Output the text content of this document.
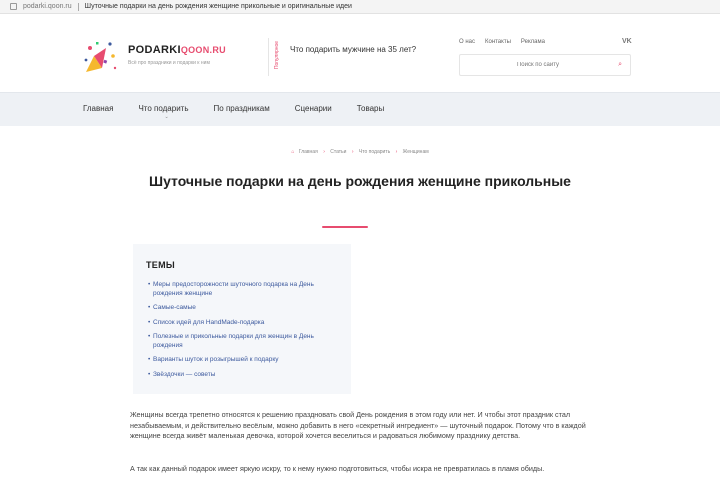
podarki.qoon.ru Шуточные подарки на день рождения женщине прикольные и оригинальные идеи
PODARKIQOON.RU
Всё про праздники и подарки к ним	Популярное Что подарить мужчине на 35 лет?
О нас Контакты Реклама	VK
Поиск по сайту
⌕
Главная	Что подарить
⌄
По праздникам	Сценарии	Товары
⌂ Главная › Статьи › Что подарить › Женщинам
Шуточные подарки на день рождения женщине прикольные
ТЕМЫ
• Меры предосторожности шуточного подарка на День рождения женщине
• Самые-самые
• Список идей для HandMade-подарка
• Полезные и прикольные подарки для женщин в День рождения
• Варианты шуток и розыгрышей к подарку
• Звёздочки — советы

Женщины всегда трепетно относятся к решению праздновать свой День рождения в этом году или нет. И чтобы этот праздник стал незабываемым, и действительно весёлым, можно добавить в него «секретный ингредиент» — шуточный подарок. Потому что в каждой женщине всегда живёт маленькая девочка, которой хочется веселиться и радоваться любимому празднику детства.

А так как данный подарок имеет яркую искру, то к нему нужно подготовиться, чтобы искра не превратилась в пламя обиды.
